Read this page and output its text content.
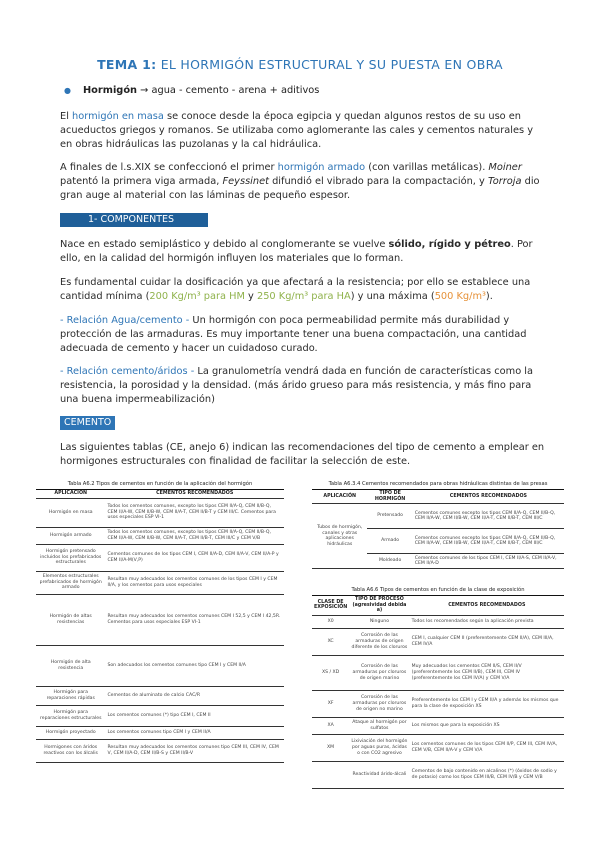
TEMA 1: EL HORMIGÓN ESTRUCTURAL Y SU PUESTA EN OBRA
● Hormigón → agua - cemento - arena + aditivos
El hormigón en masa se conoce desde la época egipcia y quedan algunos restos de su uso en acueductos griegos y romanos. Se utilizaba como aglomerante las cales y cementos naturales y en obras hidráulicas las puzolanas y la cal hidráulica.
A finales de l.s.XIX se confeccionó el primer hormigón armado (con varillas metálicas). Moiner patentó la primera viga armada, Feyssinet difundió el vibrado para la compactación, y Torroja dio gran auge al material con las láminas de pequeño espesor.
1- COMPONENTES
Nace en estado semiplástico y debido al conglomerante se vuelve sólido, rígido y pétreo. Por ello, en la calidad del hormigón influyen los materiales que lo forman.
Es fundamental cuidar la dosificación ya que afectará a la resistencia; por ello se establece una cantidad mínima (200 Kg/m³ para HM y 250 Kg/m³ para HA) y una máxima (500 Kg/m³).
- Relación Agua/cemento - Un hormigón con poca permeabilidad permite más durabilidad y protección de las armaduras. Es muy importante tener una buena compactación, una cantidad adecuada de cemento y hacer un cuidadoso curado.
- Relación cemento/áridos - La granulometría vendrá dada en función de características como la resistencia, la porosidad y la densidad. (más árido grueso para más resistencia, y más fino para una buena impermeabilización)
CEMENTO
Las siguientes tablas (CE, anejo 6) indican las recomendaciones del tipo de cemento a emplear en hormigones estructurales con finalidad de facilitar la selección de este.
Tabla A6.2 Tipos de cementos en función de la aplicación del hormigón
APLICACIÓN	CEMENTOS RECOMENDADOS
Hormigón en masa	Todos los cementos comunes, excepto los tipos CEM II/A-Q, CEM II/B-Q, CEM II/A-W, CEM II/B-W, CEM II/A-T, CEM II/B-T y CEM III/C. Cementos para usos especiales ESP VI-1
Hormigón armado	Todos los cementos comunes, excepto los tipos CEM II/A-Q, CEM II/B-Q, CEM II/A-W, CEM II/B-W, CEM II/A-T, CEM II/B-T, CEM III/C y CEM V/B
Hormigón pretensado incluidos los prefabricados estructurales	Cementos comunes de los tipos CEM I, CEM II/A-D, CEM II/A-V, CEM II/A-P y CEM II/A-M(V,P)
Elementos estructurales prefabricados de hormigón armado	Resultan muy adecuados los cementos comunes de los tipos CEM I y CEM II/A, y los cementos para usos especiales
Hormigón de altas resistencias	Resultan muy adecuados los cementos comunes CEM I 52,5 y CEM I 42,5R. Cementos para usos especiales ESP VI-1
Hormigón de alta resistencia	Son adecuados los cementos comunes tipo CEM I y CEM II/A
Hormigón para reparaciones rápidas	Cementos de aluminato de calcio CAC/R
Hormigón para reparaciones estructurales	Los cementos comunes (*) tipo CEM I, CEM II
Hormigón proyectado	Los cementos comunes tipo CEM I y CEM II/A
Hormigones con áridos reactivos con los álcalis	Resultan muy adecuados los cementos comunes tipo CEM III, CEM IV, CEM V, CEM II/A-D, CEM II/B-S y CEM II/B-V
Tabla A6.3.4 Cementos recomendados para obras hidráulicas distintas de las presas
APLICACIÓN	TIPO DE HORMIGÓN	CEMENTOS RECOMENDADOS
Tubos de hormigón, canales y otras aplicaciones hidráulicas	Pretensado	Cementos comunes excepto los tipos CEM II/A-Q, CEM II/B-Q, CEM II/A-W, CEM II/B-W, CEM II/A-T, CEM II/B-T, CEM III/C
	Armado	Cementos comunes excepto los tipos CEM II/A-Q, CEM II/B-Q, CEM II/A-W, CEM II/B-W, CEM II/A-T, CEM II/B-T, CEM III/C
	Moldeado	Cementos comunes de los tipos CEM I, CEM II/A-S, CEM II/A-V, CEM II/A-D
Tabla A6.6 Tipos de cementos en función de la clase de exposición
CLASE DE EXPOSICIÓN	TIPO DE PROCESO (agresividad debida a)	CEMENTOS RECOMENDADOS
X0	Ninguno	Todos los recomendados según la aplicación prevista
XC	Corrosión de las armaduras de origen diferente de los cloruros	CEM I, cualquier CEM II (preferentemente CEM II/A), CEM III/A, CEM IV/A
XS / XD	Corrosión de las armaduras por cloruros de origen marino	Muy adecuados los cementos CEM II/S, CEM II/V (preferentemente los CEM II/B), CEM III, CEM IV (preferentemente los CEM IV/A) y CEM V/A
XF	Corrosión de las armaduras por cloruros de origen no marino	Preferentemente los CEM I y CEM II/A y además los mismos que para la clase de exposición XS
XA	Ataque al hormigón por sulfatos	Los mismos que para la exposición XS
XM	Lixiviación del hormigón por aguas puras, ácidas o con CO2 agresivo	Los cementos comunes de los tipos CEM II/P, CEM III, CEM IV/A, CEM V/B, CEM II/A-V y CEM V/A
	Reactividad árido-álcali	Cementos de bajo contenido en alcalinos (*) (óxidos de sodio y de potasio) como los tipos CEM III/B, CEM IV/B y CEM V/B
